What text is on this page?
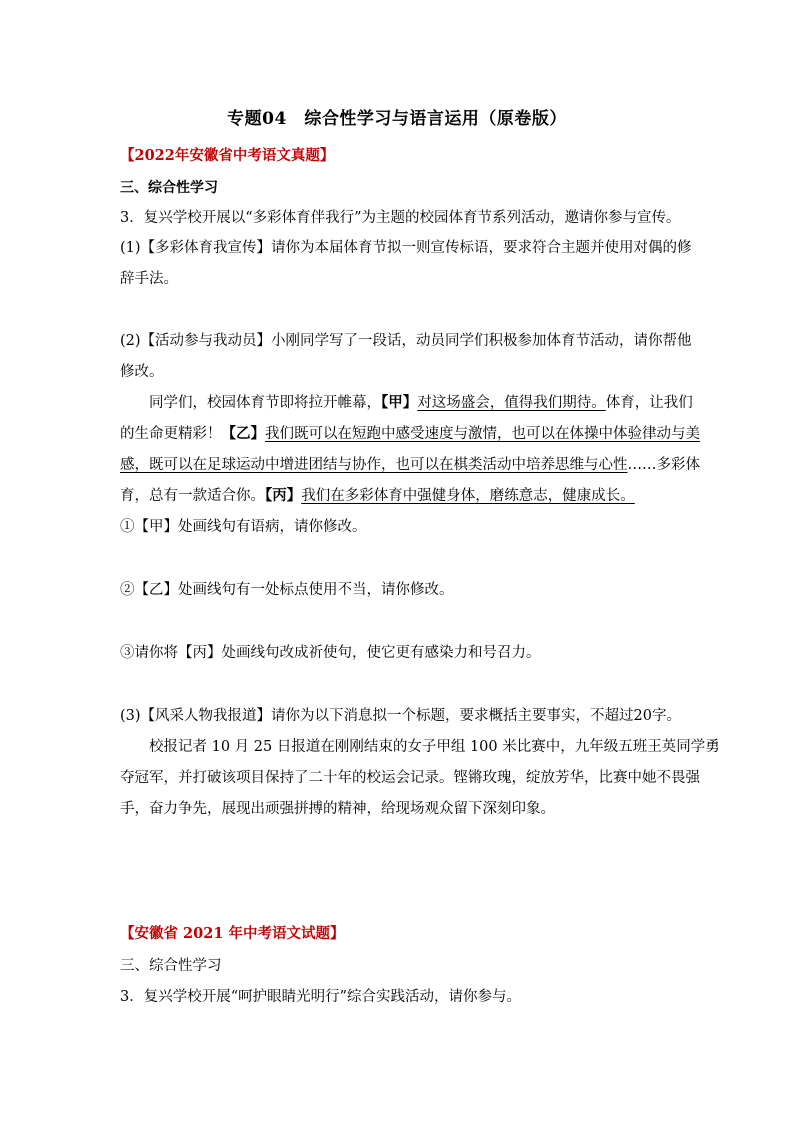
专题04　综合性学习与语言运用（原卷版）
【2022年安徽省中考语文真题】
三、综合性学习
3．复兴学校开展以“多彩体育伴我行”为主题的校园体育节系列活动，邀请你参与宣传。
(1)【多彩体育我宣传】请你为本届体育节拟一则宣传标语，要求符合主题并使用对偶的修
辞手法。
(2)【活动参与我动员】小刚同学写了一段话，动员同学们积极参加体育节活动，请你帮他
修改。
同学们，校园体育节即将拉开帷幕，【甲】对这场盛会，值得我们期待。体育，让我们
的生命更精彩！【乙】我们既可以在短跑中感受速度与激情，也可以在体操中体验律动与美
感，既可以在足球运动中增进团结与协作，也可以在棋类活动中培养思维与心性……多彩体
育，总有一款适合你。【丙】我们在多彩体育中强健身体，磨练意志，健康成长。
①【甲】处画线句有语病，请你修改。
②【乙】处画线句有一处标点使用不当，请你修改。
③请你将【丙】处画线句改成祈使句，使它更有感染力和号召力。
(3)【风采人物我报道】请你为以下消息拟一个标题，要求概括主要事实，不超过20字。
校报记者 10 月 25 日报道在刚刚结束的女子甲组 100 米比赛中，九年级五班王英同学勇
夺冠军，并打破该项目保持了二十年的校运会记录。铿锵玫瑰，绽放芳华，比赛中她不畏强
手，奋力争先，展现出顽强拼搏的精神，给现场观众留下深刻印象。
【安徽省 2021 年中考语文试题】
三、综合性学习
3．复兴学校开展“呵护眼睛光明行”综合实践活动，请你参与。
